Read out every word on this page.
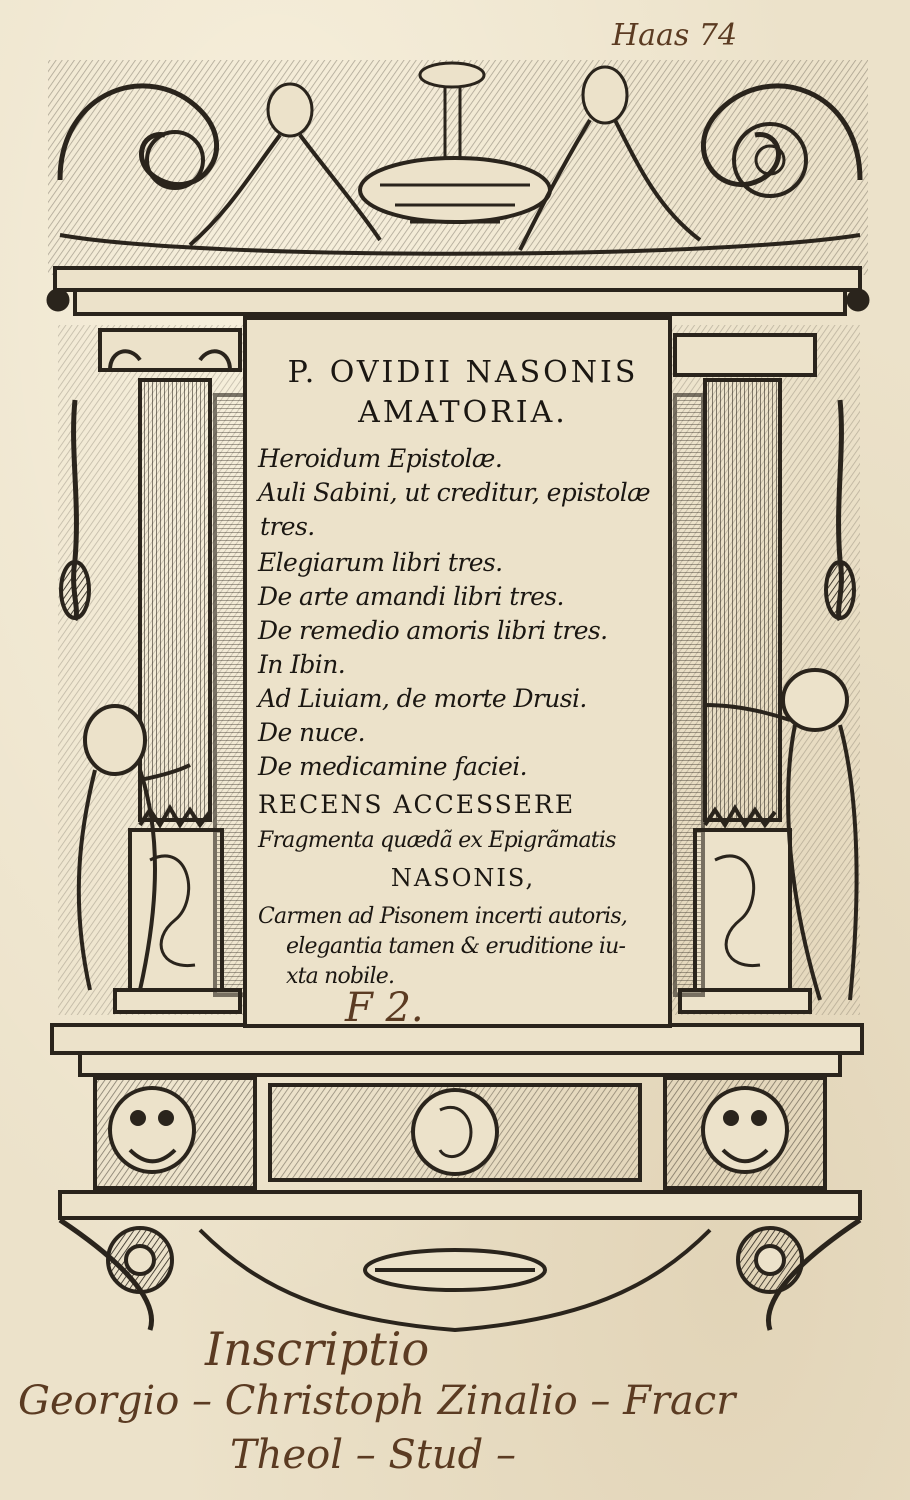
Haas 74
P. OVIDII NASONIS
AMATORIA.
Heroidum Epistolæ.
Auli Sabini, ut creditur, epistolæ
tres.
Elegiarum libri tres.
De arte amandi libri tres.
De remedio amoris libri tres.
In Ibin.
Ad Liuiam, de morte Drusi.
De nuce.
De medicamine faciei.
RECENS ACCESSERE
Fragmenta quædã ex Epigrãmatis
NASONIS,
Carmen ad Pisonem incerti autoris,
elegantia tamen & eruditione iu-
xta nobile.
F 2.
Inscriptio
Georgio – Christoph Zinalio – Fracr
Theol – Stud –
